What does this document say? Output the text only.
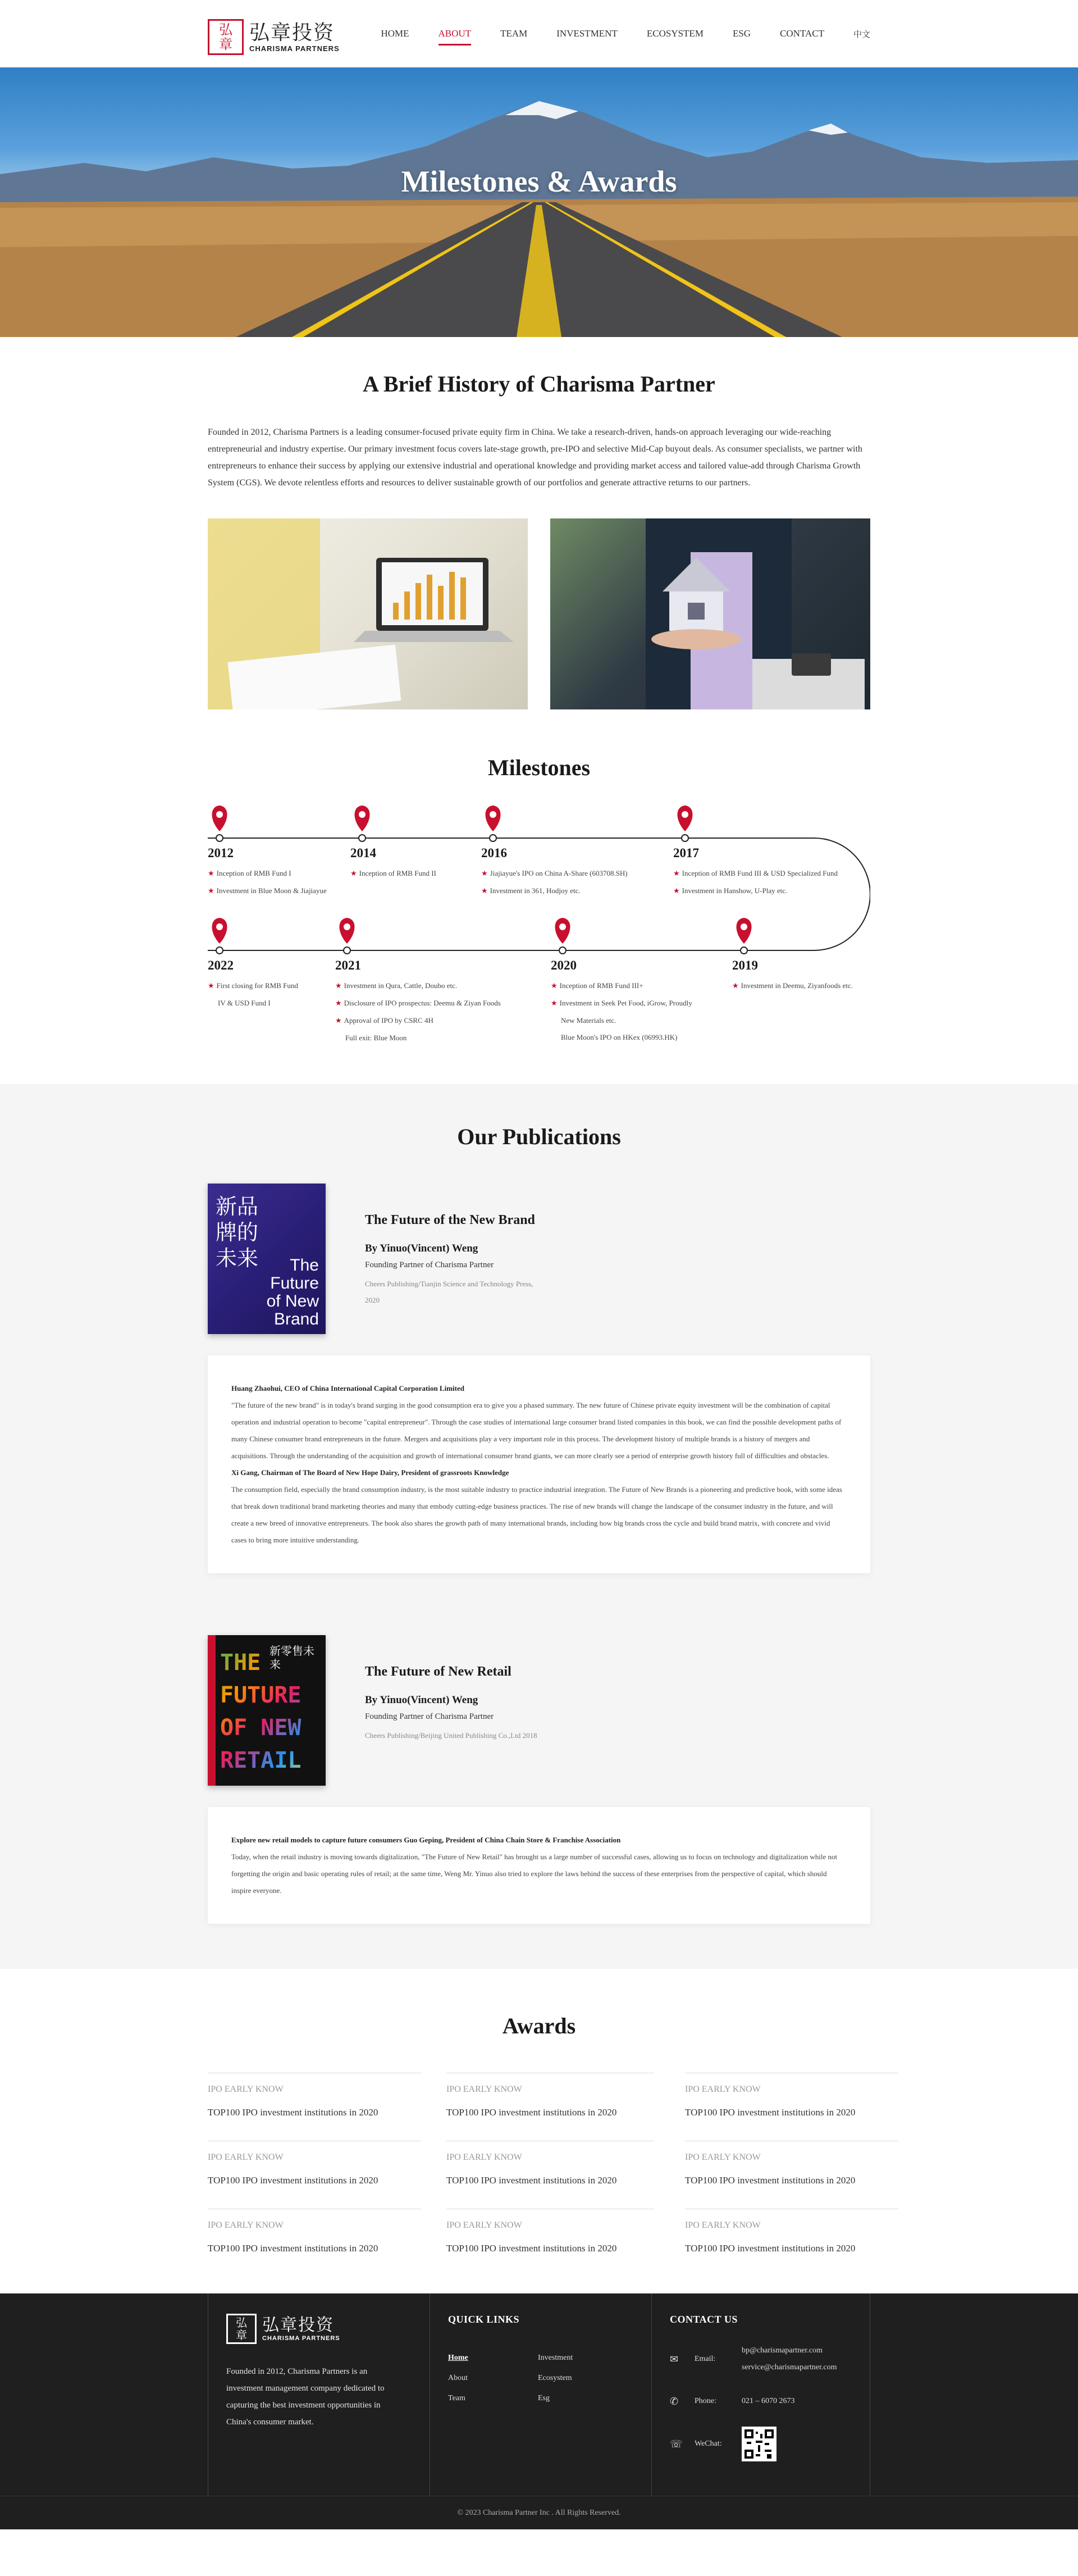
弘章
弘章投资
CHARISMA PARTNERS
HOME	ABOUT	TEAM	INVESTMENT	ECOSYSTEM	ESG	CONTACT	中文
Milestones & Awards
A Brief History of Charisma Partner

Founded in 2012, Charisma Partners is a leading consumer-focused private equity firm in China. We take a research-driven, hands-on approach leveraging our wide-reaching entrepreneurial and industry expertise. Our primary investment focus covers late-stage growth, pre-IPO and selective Mid-Cap buyout deals. As consumer specialists, we partner with entrepreneurs to enhance their success by applying our extensive industrial and operational knowledge and providing market access and tailored value-add through Charisma Growth System (CGS). We devote relentless efforts and resources to deliver sustainable growth of our portfolios and generate attractive returns to our partners.

Milestones
2012
★ Inception of RMB Fund I
★ Investment in Blue Moon & Jiajiayue
2014
★ Inception of RMB Fund II
2016
★ Jiajiayue's IPO on China A-Share (603708.SH)
★ Investment in 361, Hodjoy etc.
2017
★ Inception of RMB Fund III & USD Specialized Fund
★ Investment in Hanshow, U-Play etc.
2022
★ First closing for RMB Fund
IV & USD Fund I
2021
★ Investment in Qura, Cattle, Doubo etc.
★ Disclosure of IPO prospectus: Deemu & Ziyan Foods
★ Approval of IPO by CSRC 4H
Full exit: Blue Moon
2020
★ Inception of RMB Fund III+
★ Investment in Seek Pet Food, iGrow, Proudly
New Materials etc.
Blue Moon's IPO on HKex (06993.HK)
2019
★ Investment in Deemu, Ziyanfoods etc.
Our Publications
新品牌的未来	The Future of New Brand
The Future of the New Brand
By Yinuo(Vincent) Weng
Founding Partner of Charisma Partner
Cheers Publishing/Tianjin Science and Technology Press, 2020
Huang Zhaohui, CEO of China International Capital Corporation Limited
"The future of the new brand" is in today's brand surging in the good consumption era to give you a phased summary. The new future of Chinese private equity investment will be the combination of capital operation and industrial operation to become "capital entrepreneur". Through the case studies of international large consumer brand listed companies in this book, we can find the possible development paths of many Chinese consumer brand entrepreneurs in the future. Mergers and acquisitions play a very important role in this process. The development history of multiple brands is a history of mergers and acquisitions. Through the understanding of the acquisition and growth of international consumer brand giants, we can more clearly see a period of enterprise growth history full of difficulties and obstacles.
Xi Gang, Chairman of The Board of New Hope Dairy, President of grassroots Knowledge
The consumption field, especially the brand consumption industry, is the most suitable industry to practice industrial integration. The Future of New Brands is a pioneering and predictive book, with some ideas that break down traditional brand marketing theories and many that embody cutting-edge business practices. The rise of new brands will change the landscape of the consumer industry in the future, and will create a new breed of innovative entrepreneurs. The book also shares the growth path of many international brands, including how big brands cross the cycle and build brand matrix, with concrete and vivid cases to bring more intuitive understanding.
THE FUTURE OF NEW RETAIL
The Future of New Retail
By Yinuo(Vincent) Weng
Founding Partner of Charisma Partner
Cheers Publishing/Beijing United Publishing Co.,Ltd 2018
Explore new retail models to capture future consumers Guo Geping, President of China Chain Store & Franchise Association
Today, when the retail industry is moving towards digitalization, "The Future of New Retail" has brought us a large number of successful cases, allowing us to focus on technology and digitalization while not forgetting the origin and basic operating rules of retail; at the same time, Weng Mr. Yinuo also tried to explore the laws behind the success of these enterprises from the perspective of capital, which should inspire everyone.
Awards
IPO EARLY KNOW
TOP100 IPO investment institutions in 2020
IPO EARLY KNOW
TOP100 IPO investment institutions in 2020
IPO EARLY KNOW
TOP100 IPO investment institutions in 2020
IPO EARLY KNOW
TOP100 IPO investment institutions in 2020
IPO EARLY KNOW
TOP100 IPO investment institutions in 2020
IPO EARLY KNOW
TOP100 IPO investment institutions in 2020
IPO EARLY KNOW
TOP100 IPO investment institutions in 2020
IPO EARLY KNOW
TOP100 IPO investment institutions in 2020
IPO EARLY KNOW
TOP100 IPO investment institutions in 2020
弘章 弘章投资
CHARISMA PARTNERS
Founded in 2012, Charisma Partners is an investment management company dedicated to capturing the best investment opportunities in China's consumer market.
QUICK LINKS
Home	Investment
About	Ecosystem
Team	Esg
CONTACT US
✉	Email:
bp@charismapartner.com
service@charismapartner.com
✆	Phone:	021 – 6070 2673
☏ WeChat:
© 2023 Charisma Partner Inc . All Rights Reserved.
